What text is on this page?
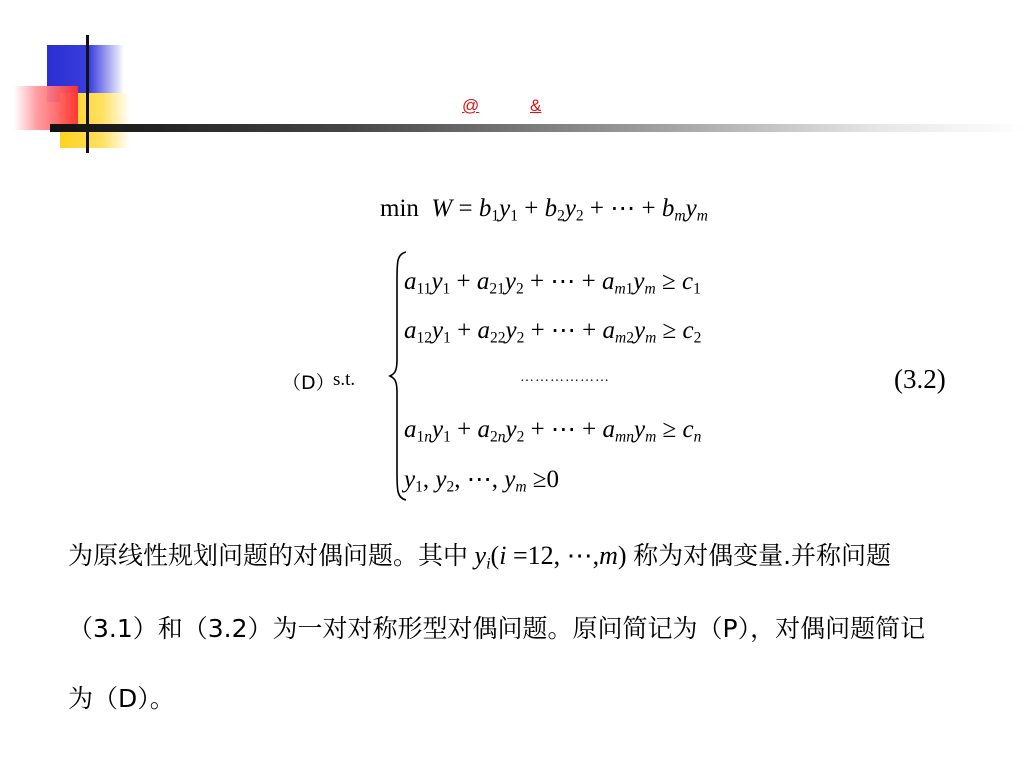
@	&
$\min W = b_1y_1 + b_2y_2$ + ⋯ + $b_my_m$
$a_{11}y_1 + a_{21}y_2$ + ⋯ + $a_{m1}y_m \ge c_1$
$a_{12}y_1 + a_{22}y_2$ + ⋯ + $a_{m2}y_m \ge c_2$
………………
$a_{1n}y_1 + a_{2n}y_2$ + ⋯ + $a_{mn}y_m \ge c_n$
$y_1$, $y_2$, ⋯, $y_m \ge 0$
（D）
s.t.	(3.2)
为原线性规划问题的对偶问题。其中 $y_i(i =12$, ⋯,m) 称为对偶变量.并称问题
（3.1）和（3.2）为一对对称形型对偶问题。原问简记为（P），对偶问题简记
为（D）。
